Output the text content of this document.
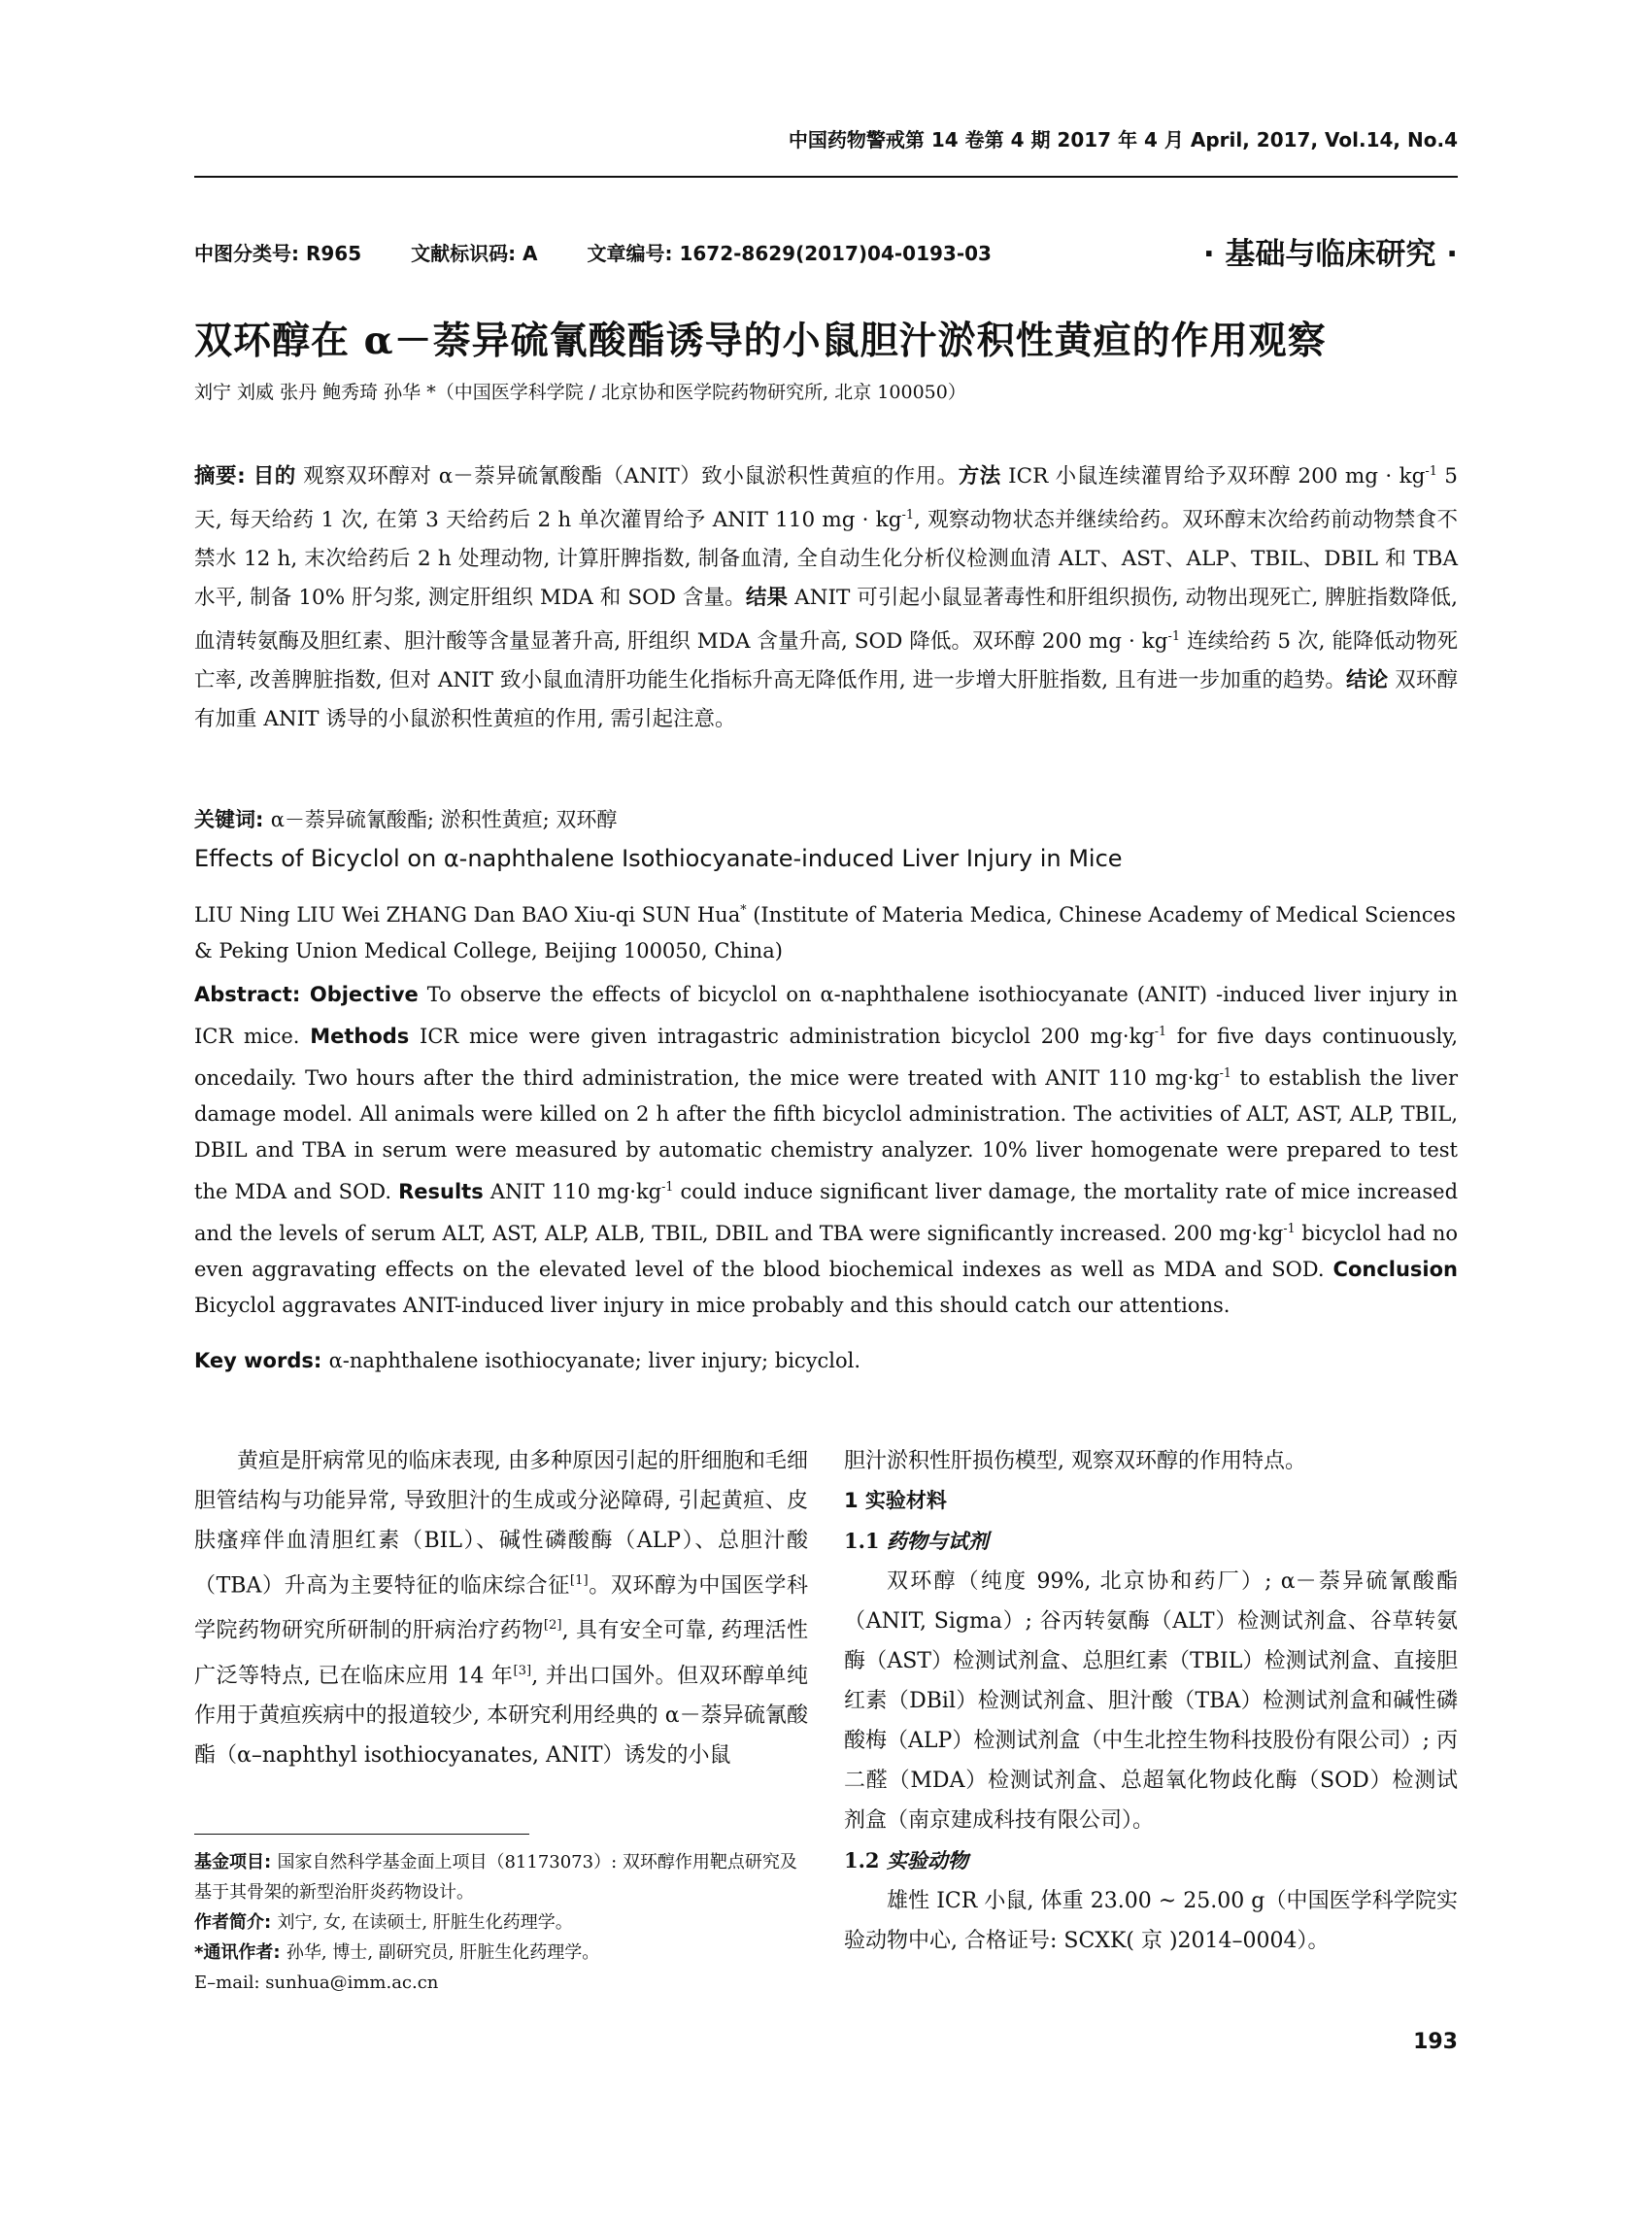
中国药物警戒第 14 卷第 4 期 2017 年 4 月 April, 2017, Vol.14, No.4
中图分类号: R965	文献标识码: A	文章编号: 1672-8629(2017)04-0193-03	· 基础与临床研究 ·
双环醇在 α－萘异硫氰酸酯诱导的小鼠胆汁淤积性黄疸的作用观察
刘宁 刘威 张丹 鲍秀琦 孙华 *（中国医学科学院 / 北京协和医学院药物研究所, 北京 100050）

摘要: 目的 观察双环醇对 α－萘异硫氰酸酯（ANIT）致小鼠淤积性黄疸的作用。方法 ICR 小鼠连续灌胃给予双环醇 200 mg · $kg^{-1}$ 5 天, 每天给药 1 次, 在第 3 天给药后 2 h 单次灌胃给予 ANIT 110 mg · $kg^{-1}$, 观察动物状态并继续给药。双环醇末次给药前动物禁食不禁水 12 h, 末次给药后 2 h 处理动物, 计算肝脾指数, 制备血清, 全自动生化分析仪检测血清 ALT、AST、ALP、TBIL、DBIL 和 TBA 水平, 制备 10% 肝匀浆, 测定肝组织 MDA 和 SOD 含量。结果 ANIT 可引起小鼠显著毒性和肝组织损伤, 动物出现死亡, 脾脏指数降低, 血清转氨酶及胆红素、胆汁酸等含量显著升高, 肝组织 MDA 含量升高, SOD 降低。双环醇 200 mg · $kg^{-1}$ 连续给药 5 次, 能降低动物死亡率, 改善脾脏指数, 但对 ANIT 致小鼠血清肝功能生化指标升高无降低作用, 进一步增大肝脏指数, 且有进一步加重的趋势。结论 双环醇有加重 ANIT 诱导的小鼠淤积性黄疸的作用, 需引起注意。

关键词: α－萘异硫氰酸酯; 淤积性黄疸; 双环醇
Effects of Bicyclol on α-naphthalene Isothiocyanate-induced Liver Injury in Mice

LIU Ning LIU Wei ZHANG Dan BAO Xiu-qi SUN Hua* (Institute of Materia Medica, Chinese Academy of Medical Sciences & Peking Union Medical College, Beijing 100050, China)

Abstract: Objective To observe the effects of bicyclol on α-naphthalene isothiocyanate (ANIT) -induced liver injury in ICR mice. Methods ICR mice were given intragastric administration bicyclol 200 $mg\cdot kg^{-1}$ for five days continuously, oncedaily. Two hours after the third administration, the mice were treated with ANIT 110 $mg\cdot kg^{-1}$ to establish the liver damage model. All animals were killed on 2 h after the fifth bicyclol administration. The activities of ALT, AST, ALP, TBIL, DBIL and TBA in serum were measured by automatic chemistry analyzer. 10% liver homogenate were prepared to test the MDA and SOD. Results ANIT 110 $mg\cdot kg^{-1}$ could induce significant liver damage, the mortality rate of mice increased and the levels of serum ALT, AST, ALP, ALB, TBIL, DBIL and TBA were significantly increased. 200 $mg\cdot kg^{-1}$ bicyclol had no even aggravating effects on the elevated level of the blood biochemical indexes as well as MDA and SOD. Conclusion Bicyclol aggravates ANIT-induced liver injury in mice probably and this should catch our attentions.

Key words: α-naphthalene isothiocyanate; liver injury; bicyclol.

黄疸是肝病常见的临床表现, 由多种原因引起的肝细胞和毛细胆管结构与功能异常, 导致胆汁的生成或分泌障碍, 引起黄疸、皮肤瘙痒伴血清胆红素（BIL）、碱性磷酸酶（ALP）、总胆汁酸（TBA）升高为主要特征的临床综合征[1]。双环醇为中国医学科学院药物研究所研制的肝病治疗药物[2], 具有安全可靠, 药理活性广泛等特点, 已在临床应用 14 年[3], 并出口国外。但双环醇单纯作用于黄疸疾病中的报道较少, 本研究利用经典的 α－萘异硫氰酸酯（α–naphthyl isothiocyanates, ANIT）诱发的小鼠

胆汁淤积性肝损伤模型, 观察双环醇的作用特点。

1 实验材料

1.1 药物与试剂

双环醇（纯度 99%, 北京协和药厂）; α－萘异硫氰酸酯（ANIT, Sigma）; 谷丙转氨酶（ALT）检测试剂盒、谷草转氨酶（AST）检测试剂盒、总胆红素（TBIL）检测试剂盒、直接胆红素（DBil）检测试剂盒、胆汁酸（TBA）检测试剂盒和碱性磷酸梅（ALP）检测试剂盒（中生北控生物科技股份有限公司）; 丙二醛（MDA）检测试剂盒、总超氧化物歧化酶（SOD）检测试剂盒（南京建成科技有限公司）。

1.2 实验动物

雄性 ICR 小鼠, 体重 23.00 ~ 25.00 g（中国医学科学院实验动物中心, 合格证号: SCXK( 京 )2014–0004）。

基金项目: 国家自然科学基金面上项目（81173073）: 双环醇作用靶点研究及基于其骨架的新型治肝炎药物设计。

作者简介: 刘宁, 女, 在读硕士, 肝脏生化药理学。

*通讯作者: 孙华, 博士, 副研究员, 肝脏生化药理学。

E–mail: sunhua@imm.ac.cn

193
